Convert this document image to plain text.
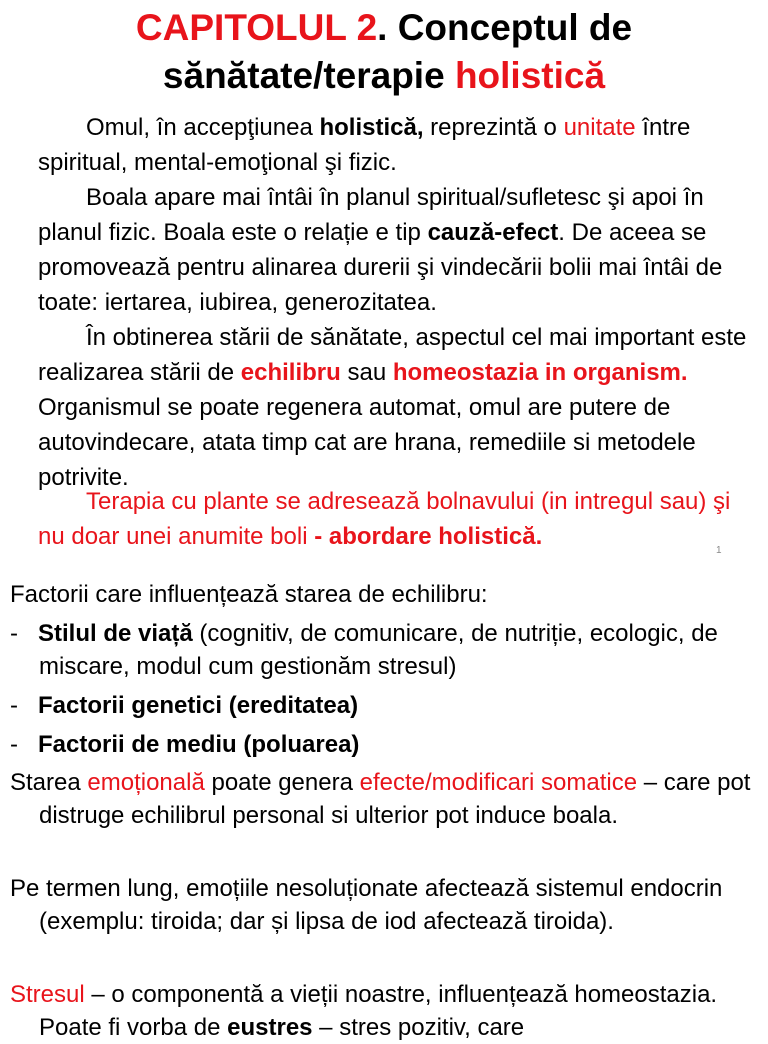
CAPITOLUL 2. Conceptul de
sănătate/terapie holistică
Omul, în accepţiunea holistică, reprezintă o unitate între spiritual, mental-emoţional şi fizic.
Boala apare mai întâi în planul spiritual/sufletesc şi apoi în planul fizic. Boala este o relație e tip cauză-efect. De aceea se promovează pentru alinarea durerii şi vindecării bolii mai întâi de toate: iertarea, iubirea, generozitatea.
În obtinerea stării de sănătate, aspectul cel mai important este realizarea stării de echilibru sau homeostazia in organism. Organismul se poate regenera automat, omul are putere de autovindecare, atata timp cat are hrana, remediile si metodele potrivite.
Terapia cu plante se adresează bolnavului (in intregul sau) şi nu doar unei anumite boli - abordare holistică.
1
Factorii care influențează starea de echilibru:
- Stilul de viață (cognitiv, de comunicare, de nutriție, ecologic, de miscare, modul cum gestionăm stresul)
- Factorii genetici (ereditatea)
- Factorii de mediu (poluarea)
Starea emoțională poate genera efecte/modificari somatice – care pot distruge echilibrul personal si ulterior pot induce boala.
Pe termen lung, emoțiile nesoluționate afectează sistemul endocrin (exemplu: tiroida; dar și lipsa de iod afectează tiroida).
Stresul – o componentă a vieții noastre, influențează homeostazia. Poate fi vorba de eustres – stres pozitiv, care
